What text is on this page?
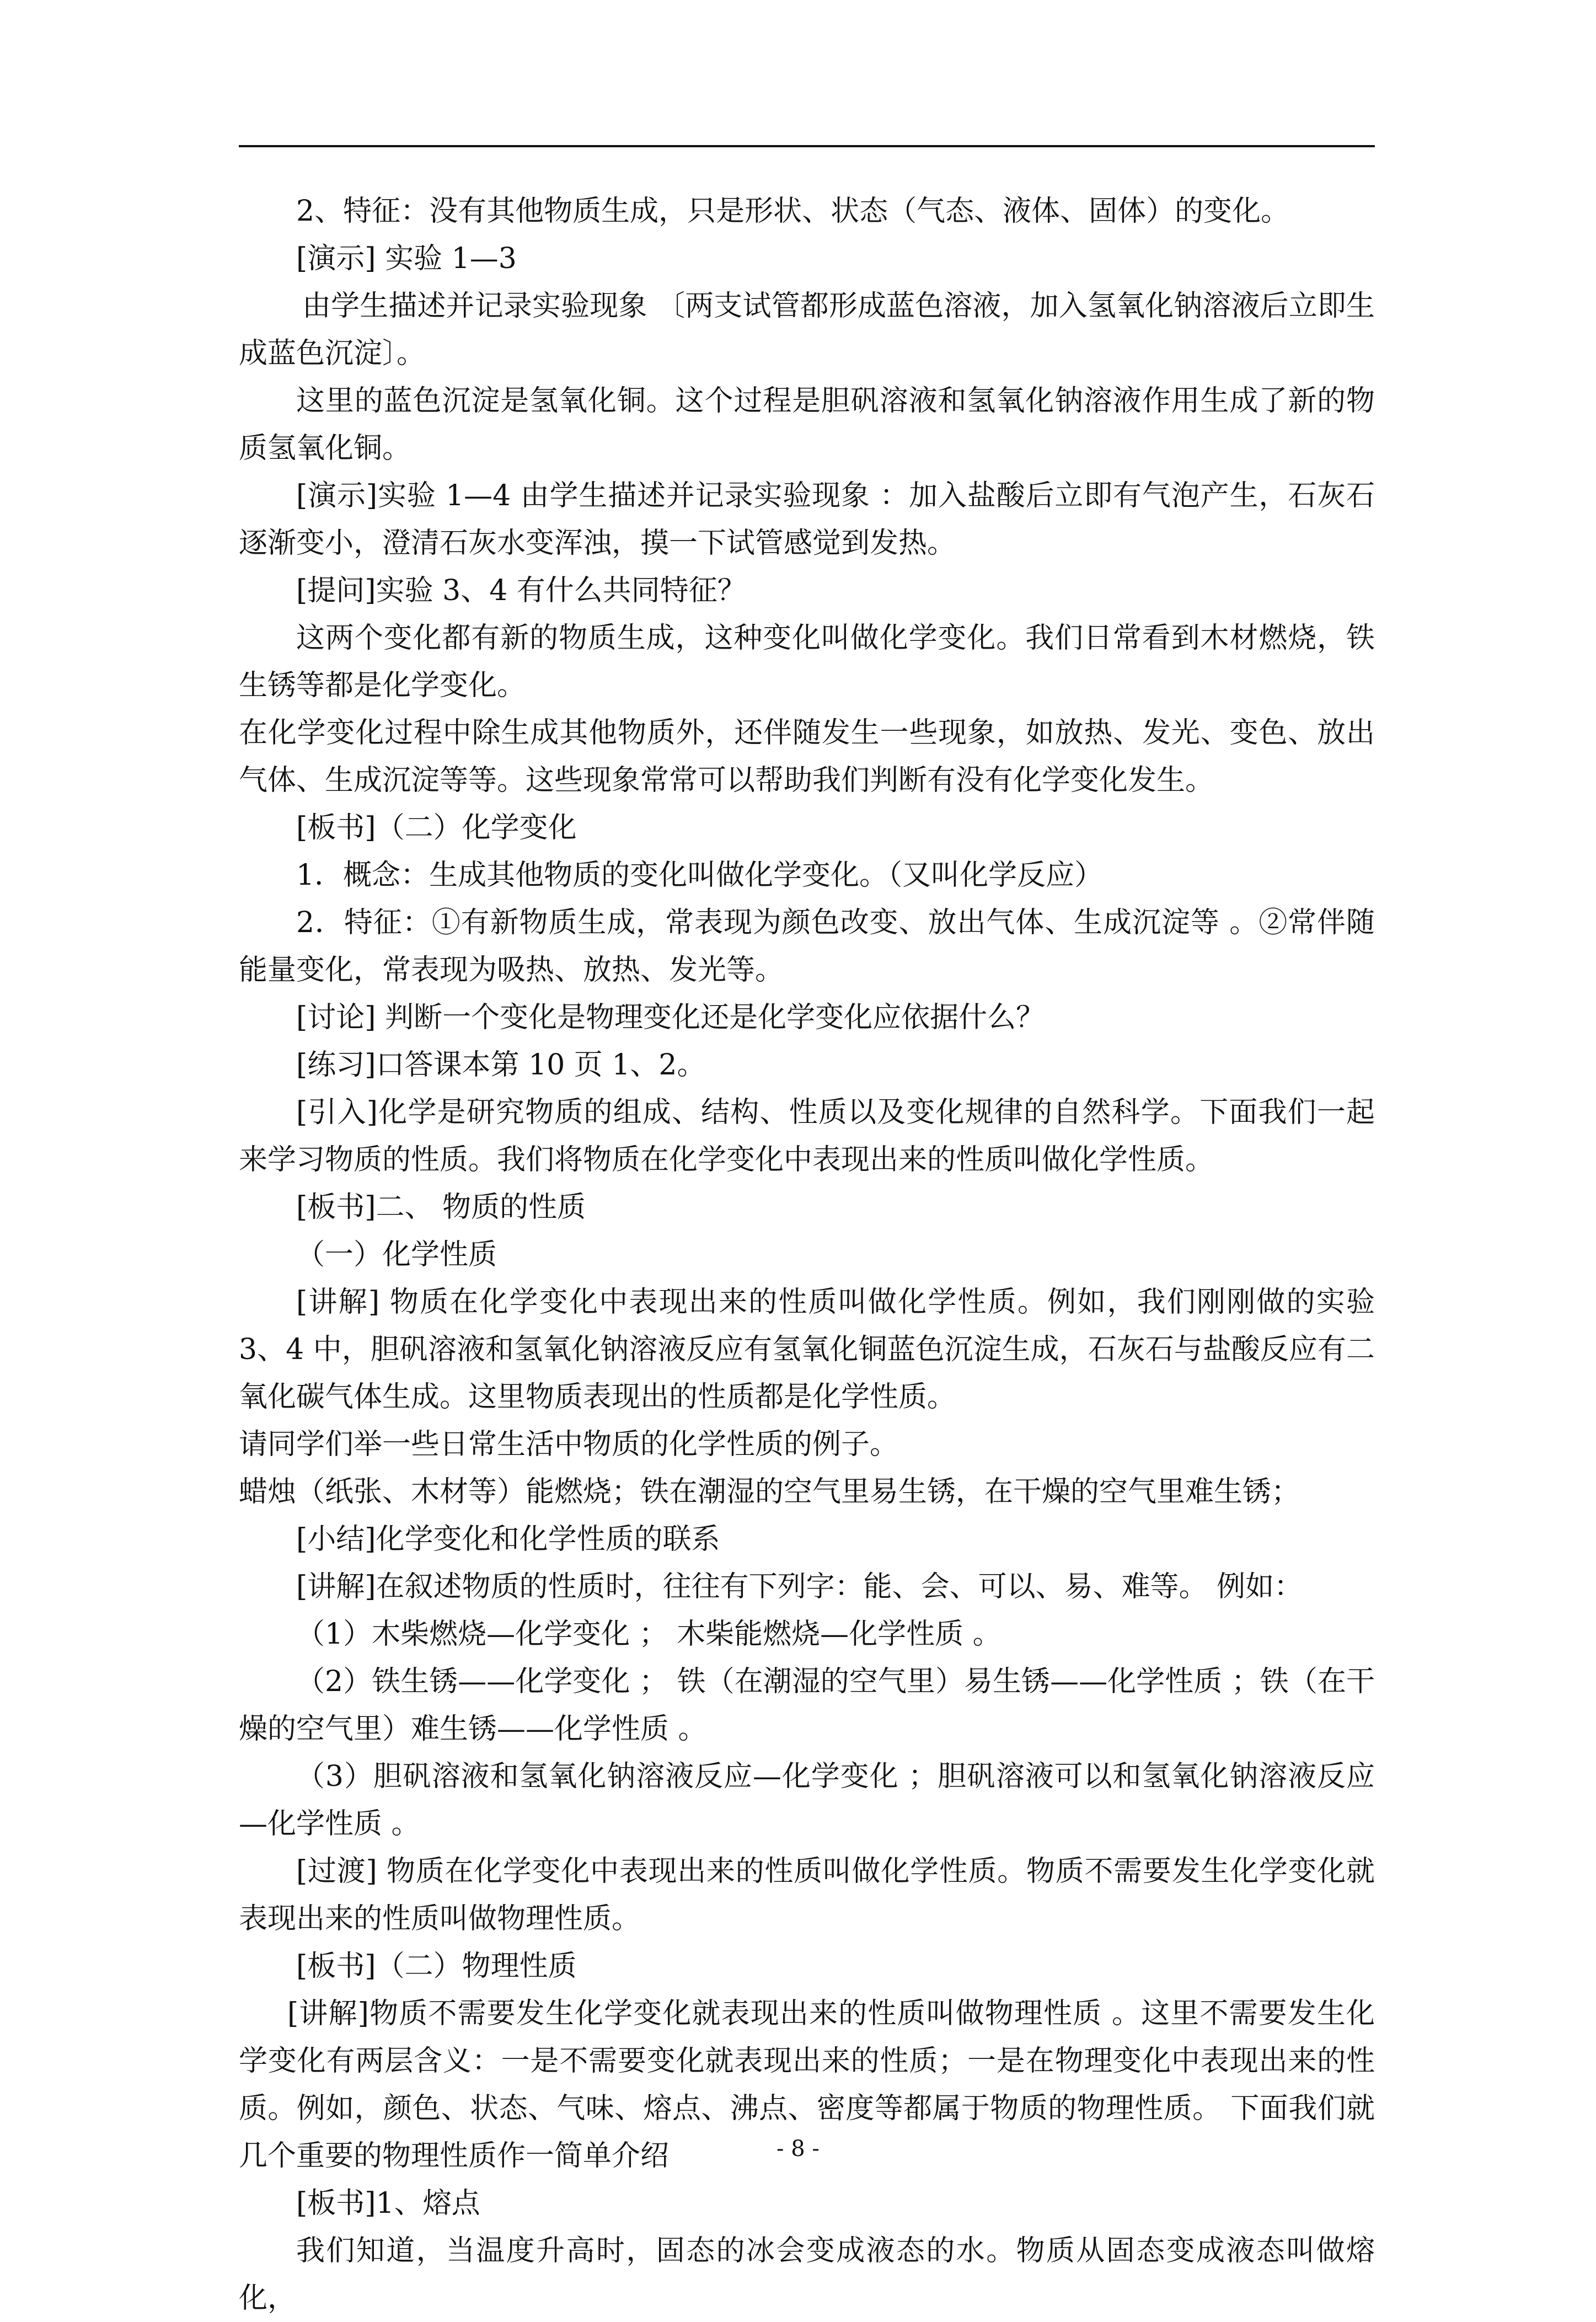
2、特征：没有其他物质生成，只是形状、状态（气态、液体、固体）的变化。

[演示] 实验 1—3

由学生描述并记录实验现象 〔两支试管都形成蓝色溶液，加入氢氧化钠溶液后立即生成蓝色沉淀〕。

这里的蓝色沉淀是氢氧化铜。这个过程是胆矾溶液和氢氧化钠溶液作用生成了新的物质氢氧化铜。

[演示]实验 1—4 由学生描述并记录实验现象 ：加入盐酸后立即有气泡产生，石灰石逐渐变小，澄清石灰水变浑浊，摸一下试管感觉到发热。

[提问]实验 3、4 有什么共同特征？

这两个变化都有新的物质生成，这种变化叫做化学变化。我们日常看到木材燃烧，铁生锈等都是化学变化。

在化学变化过程中除生成其他物质外，还伴随发生一些现象，如放热、发光、变色、放出气体、生成沉淀等等。这些现象常常可以帮助我们判断有没有化学变化发生。

[板书]（二）化学变化

1．概念：生成其他物质的变化叫做化学变化。（又叫化学反应）

2．特征：①有新物质生成，常表现为颜色改变、放出气体、生成沉淀等 。②常伴随能量变化，常表现为吸热、放热、发光等。

[讨论] 判断一个变化是物理变化还是化学变化应依据什么？

[练习]口答课本第 10 页 1、2。

[引入]化学是研究物质的组成、结构、性质以及变化规律的自然科学。下面我们一起来学习物质的性质。我们将物质在化学变化中表现出来的性质叫做化学性质。

[板书]二、 物质的性质

（一）化学性质

[讲解] 物质在化学变化中表现出来的性质叫做化学性质。例如，我们刚刚做的实验 3、4 中，胆矾溶液和氢氧化钠溶液反应有氢氧化铜蓝色沉淀生成，石灰石与盐酸反应有二氧化碳气体生成。这里物质表现出的性质都是化学性质。

请同学们举一些日常生活中物质的化学性质的例子。

蜡烛（纸张、木材等）能燃烧；铁在潮湿的空气里易生锈，在干燥的空气里难生锈；

[小结]化学变化和化学性质的联系

[讲解]在叙述物质的性质时，往往有下列字：能、会、可以、易、难等。 例如：

（1）木柴燃烧—化学变化 ； 木柴能燃烧—化学性质 。

（2）铁生锈——化学变化 ； 铁（在潮湿的空气里）易生锈——化学性质 ；铁（在干燥的空气里）难生锈——化学性质 。

（3）胆矾溶液和氢氧化钠溶液反应—化学变化 ；胆矾溶液可以和氢氧化钠溶液反应—化学性质 。

[过渡] 物质在化学变化中表现出来的性质叫做化学性质。物质不需要发生化学变化就表现出来的性质叫做物理性质。

[板书]（二）物理性质

[讲解]物质不需要发生化学变化就表现出来的性质叫做物理性质 。这里不需要发生化学变化有两层含义：一是不需要变化就表现出来的性质；一是在物理变化中表现出来的性质。例如，颜色、状态、气味、熔点、沸点、密度等都属于物质的物理性质。 下面我们就几个重要的物理性质作一简单介绍

[板书]1、熔点

我们知道，当温度升高时，固态的冰会变成液态的水。物质从固态变成液态叫做熔化，

- 8 -
